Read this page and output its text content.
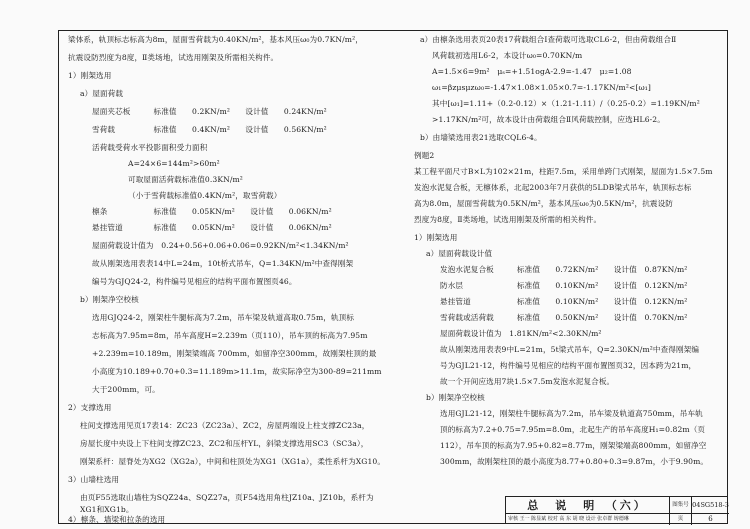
梁体系，轨顶标志标高为8m，屋面雪荷载为0.40KN/m²，基本风压ω₀为0.7KN/m²，
抗震设防烈度为8度，Ⅱ类场地，试选用刚架及所需相关构件。
1）刚架选用
a）屋面荷载
屋面夹芯板　　　标准值　　0.2KN/m²　　设计值　　0.24KN/m²
雪荷载　　　　　标准值　　0.4KN/m²　　设计值　　0.56KN/m²
活荷载受荷水平投影面积受力面积
A=24×6=144m²>60m²
可取屋面活荷载标准值0.3KN/m²
（小于雪荷载标准值0.4KN/m²，取雪荷载）
檩条　　　　　　标准值　　0.05KN/m²　　设计值　　0.06KN/m²
悬挂管道　　　　标准值　　0.05KN/m²　　设计值　　0.06KN/m²
屋面荷载设计值为　0.24+0.56+0.06+0.06=0.92KN/m²<1.34KN/m²
故从刚架选用表表14中L=24m，10t桥式吊车，Q=1.34KN/m²中查得刚架
编号为GJQ24-2，构件编号见相应的结构平面布置图页46。
b）刚架净空校核
选用GJQ24-2，刚架柱牛腿标高为7.2m，吊车梁及轨道高取0.75m，轨顶标
志标高为7.95m=8m，吊车高度H=2.239m（页110），吊车顶的标高为7.95m
+2.239m=10.189m，刚架梁端高 700mm，如留净空300mm，故刚架柱顶的最
小高度为10.189+0.70+0.3=11.189m>11.1m，故实际净空为300-89=211mm
大于200mm，可。
2）支撑选用
柱间支撑选用见页17表14：ZC23（ZC23a）、ZC2，房屋两端设上柱支撑ZC23a，
房屋长度中央设上下柱间支撑ZC23、ZC2和压杆YL，斜梁支撑选用SC3（SC3a），
刚架系杆：屋脊处为XG2（XG2a），中间和柱顶处为XG1（XG1a），柔性系杆为XG10。
3）山墙柱选用
由页F55选取山墙柱为SQZ24a、SQZ27a，页F54选用角柱JZ10a、JZ10b，系杆为
XG1和XG1b。
4）檩条、墙梁和拉条的选用
a）由檩条选用表页20表17荷载组合Ⅰ查荷载可选取CL6-2，但由荷载组合Ⅱ
风荷载初选用L6-2，本设计ω₀=0.70KN/m
A=1.5×6=9m²　μₛ=+1.51ogA-2.9=-1.47　μ₂=1.08
ω₁=βzμsμzω₀=-1.47×1.08×1.05×0.7=-1.17KN/m²<[ω₁]
其中[ω₁]=1.11+（0.2-0.12）×（1.21-1.11）/（0.25-0.2）=1.19KN/m²
>1.17KN/m²可，故本设计由荷载组合Ⅱ风荷载控制，应选HL6-2。
b）由墙梁选用表21选取CQL6-4。
例题2
某工程平面尺寸B×L为102×21m，柱距7.5m，采用单跨门式刚架，屋面为1.5×7.5m
发泡水泥复合板，无檩体系，北起2003年7月获供的5LDB梁式吊车，轨顶标志标
高为8.0m，屋面雪荷载为0.5KN/m²，基本风压ω₀为0.5KN/m²，抗震设防
烈度为8度，Ⅱ类场地，试选用刚架及所需的相关构件。
1）刚架选用
a）屋面荷载设计值
发泡水泥复合板　　　标准值　　0.72KN/m²　　设计值　0.87KN/m²
防水层　　　　　　　标准值　　0.10KN/m²　　设计值　0.12KN/m²
悬挂管道　　　　　　标准值　　0.10KN/m²　　设计值　0.12KN/m²
雪荷载或活荷载　　　标准值　　0.50KN/m²　　设计值　0.70KN/m²
屋面荷载设计值为　1.81KN/m²<2.30KN/m²
故从刚架选用表表9中L=21m，5t梁式吊车，Q=2.30KN/m²中查得刚架编
号为GJL21-12，构件编号见相应的结构平面布置图页32，因本跨为21m，
故一个开间应选用7块1.5×7.5m发泡水泥复合板。
b）刚架净空校核
选用GJL21-12，刚架柱牛腿标高为7.2m，吊车梁及轨道高750mm，吊车轨
顶的标高为7.2+0.75=7.95m=8.0m，北起生产的吊车高度H₁=0.82m（页
112），吊车顶的标高为7.95+0.82=8.77m，刚架梁端高800mm，如留净空
300mm，故刚架柱顶的最小高度为8.77+0.80+0.3=9.87m，小于9.90m。
总　说　明　（六）	图集号 04SG518-3
审核 王一 陈显斌 校对 高 东 胡 晓 设计 张卓群 铸德琳	页	6
